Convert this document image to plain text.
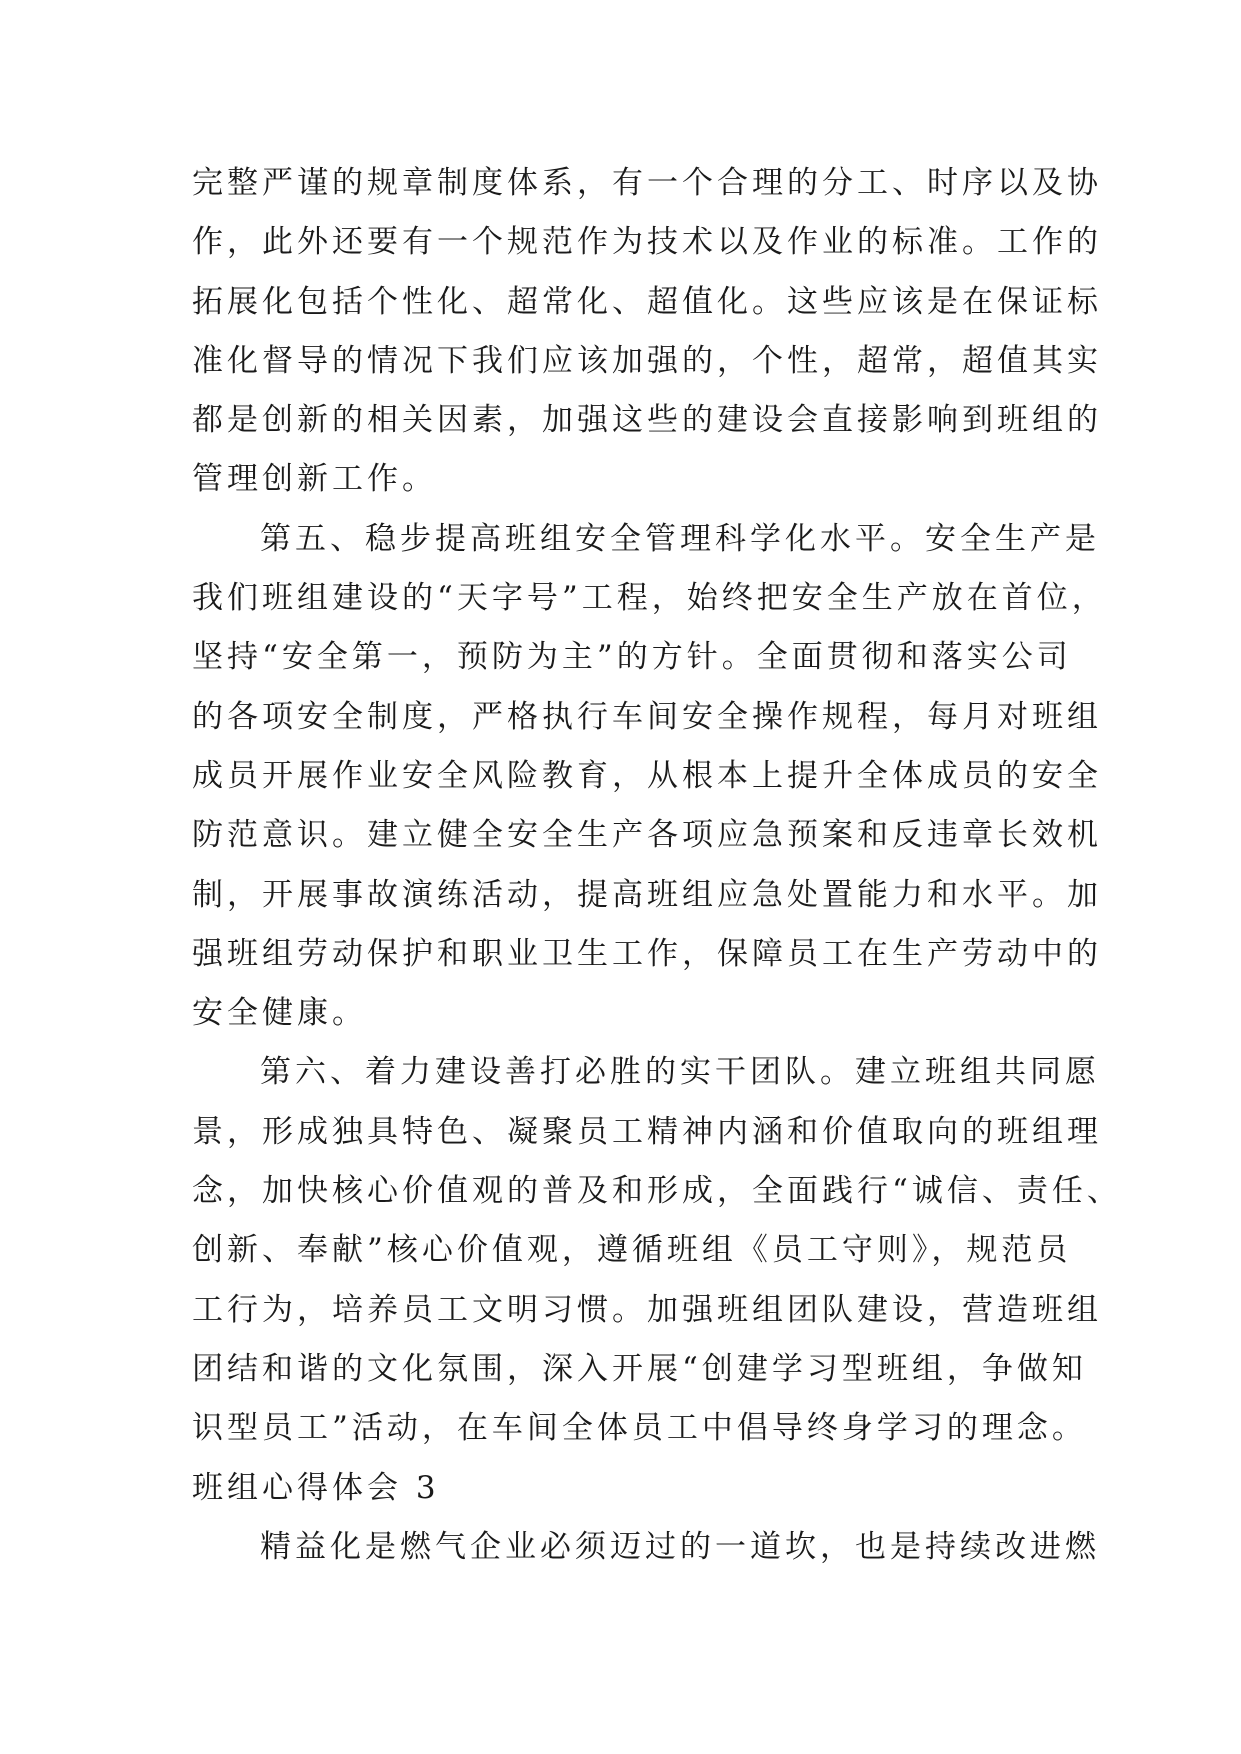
完整严谨的规章制度体系，有一个合理的分工、时序以及协
作，此外还要有一个规范作为技术以及作业的标准。工作的
拓展化包括个性化、超常化、超值化。这些应该是在保证标
准化督导的情况下我们应该加强的，个性，超常，超值其实
都是创新的相关因素，加强这些的建设会直接影响到班组的
管理创新工作。
第五、稳步提高班组安全管理科学化水平。安全生产是
我们班组建设的“天字号”工程，始终把安全生产放在首位，
坚持“安全第一，预防为主”的方针。全面贯彻和落实公司
的各项安全制度，严格执行车间安全操作规程，每月对班组
成员开展作业安全风险教育，从根本上提升全体成员的安全
防范意识。建立健全安全生产各项应急预案和反违章长效机
制，开展事故演练活动，提高班组应急处置能力和水平。加
强班组劳动保护和职业卫生工作，保障员工在生产劳动中的
安全健康。
第六、着力建设善打必胜的实干团队。建立班组共同愿
景，形成独具特色、凝聚员工精神内涵和价值取向的班组理
念，加快核心价值观的普及和形成，全面践行“诚信、责任、
创新、奉献”核心价值观，遵循班组《员工守则》，规范员
工行为，培养员工文明习惯。加强班组团队建设，营造班组
团结和谐的文化氛围，深入开展“创建学习型班组，争做知
识型员工”活动，在车间全体员工中倡导终身学习的理念。
班组心得体会 3
精益化是燃气企业必须迈过的一道坎，也是持续改进燃
